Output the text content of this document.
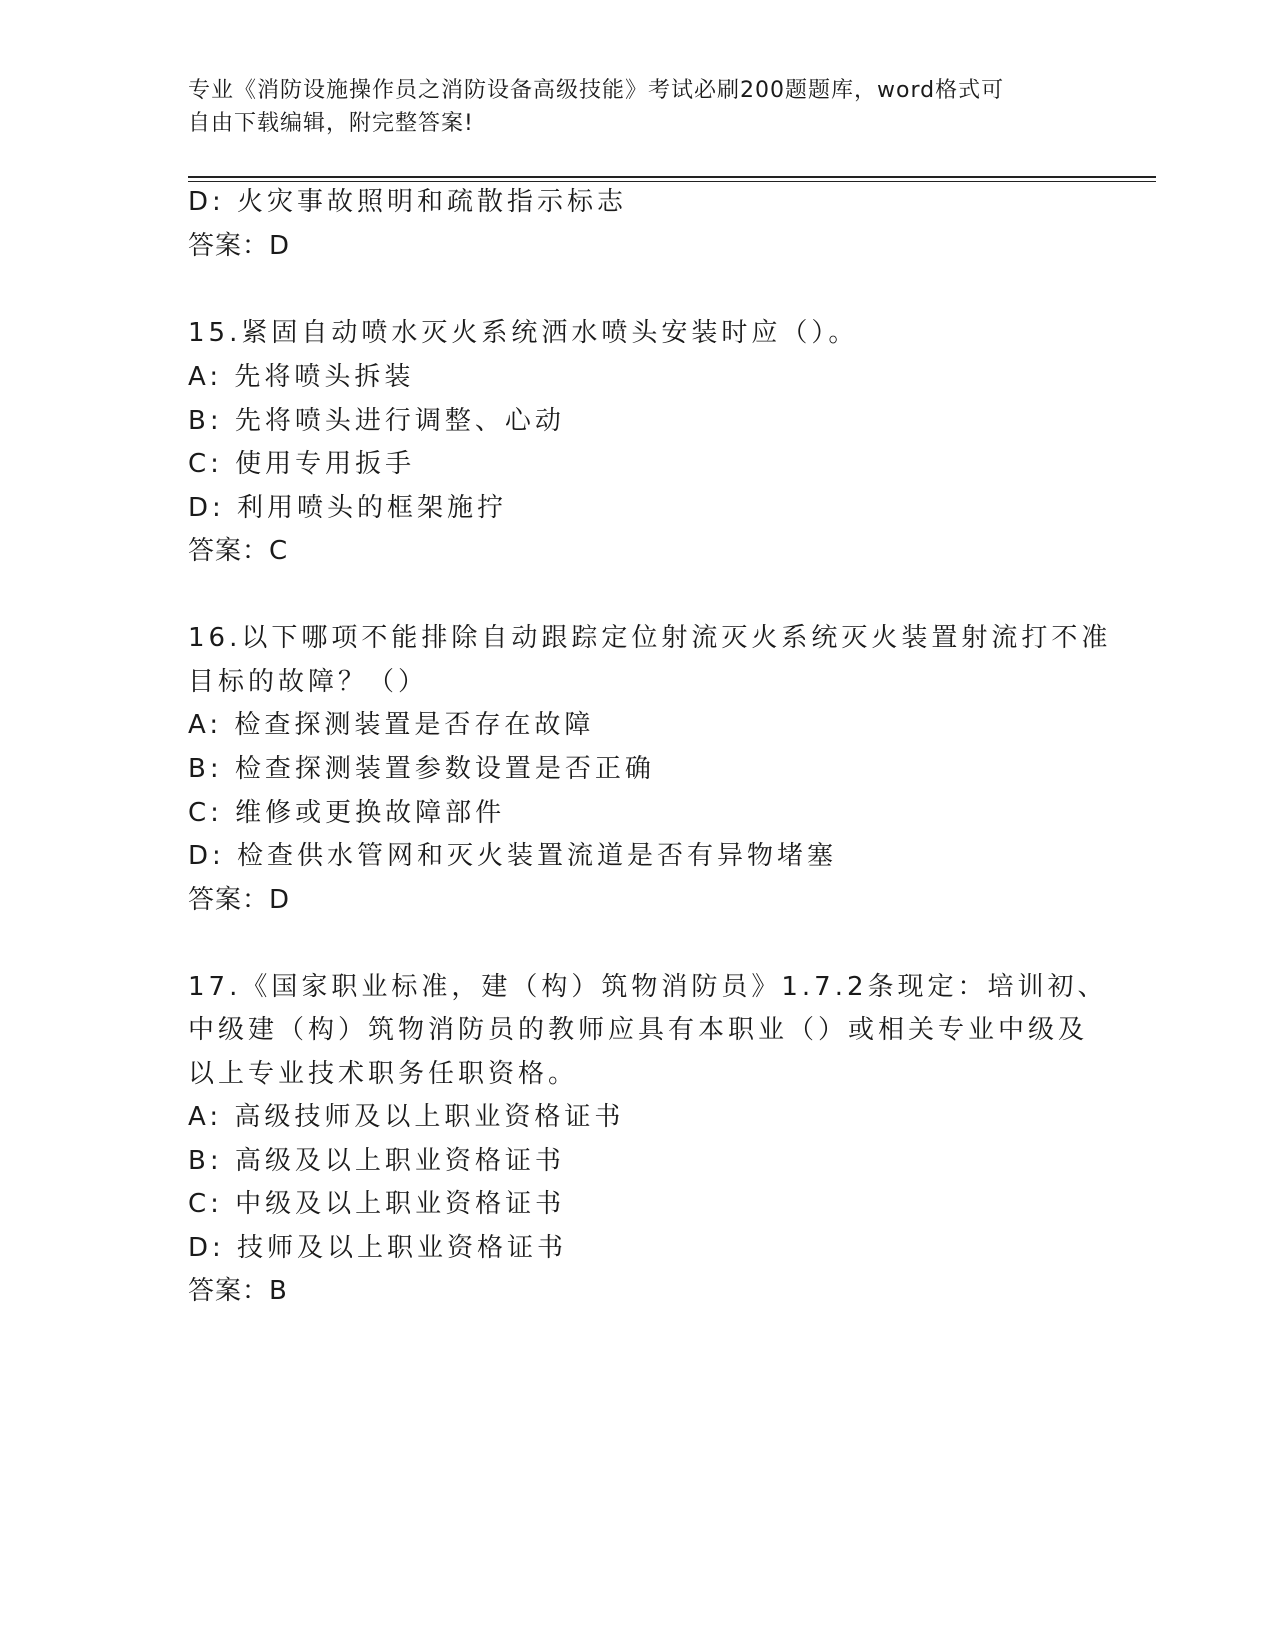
专业《消防设施操作员之消防设备高级技能》考试必刷200题题库，word格式可
自由下载编辑，附完整答案!
D: 火灾事故照明和疏散指示标志
答案：D
15.紧固自动喷水灭火系统洒水喷头安装时应（）。
A: 先将喷头拆装
B: 先将喷头进行调整、心动
C: 使用专用扳手
D: 利用喷头的框架施拧
答案：C
16.以下哪项不能排除自动跟踪定位射流灭火系统灭火装置射流打不准
目标的故障？（）
A: 检查探测装置是否存在故障
B: 检查探测装置参数设置是否正确
C: 维修或更换故障部件
D: 检查供水管网和灭火装置流道是否有异物堵塞
答案：D
17.《国家职业标准，建（构）筑物消防员》1.7.2条现定：培训初、
中级建（构）筑物消防员的教师应具有本职业（）或相关专业中级及
以上专业技术职务任职资格。
A: 高级技师及以上职业资格证书
B: 高级及以上职业资格证书
C: 中级及以上职业资格证书
D: 技师及以上职业资格证书
答案：B
